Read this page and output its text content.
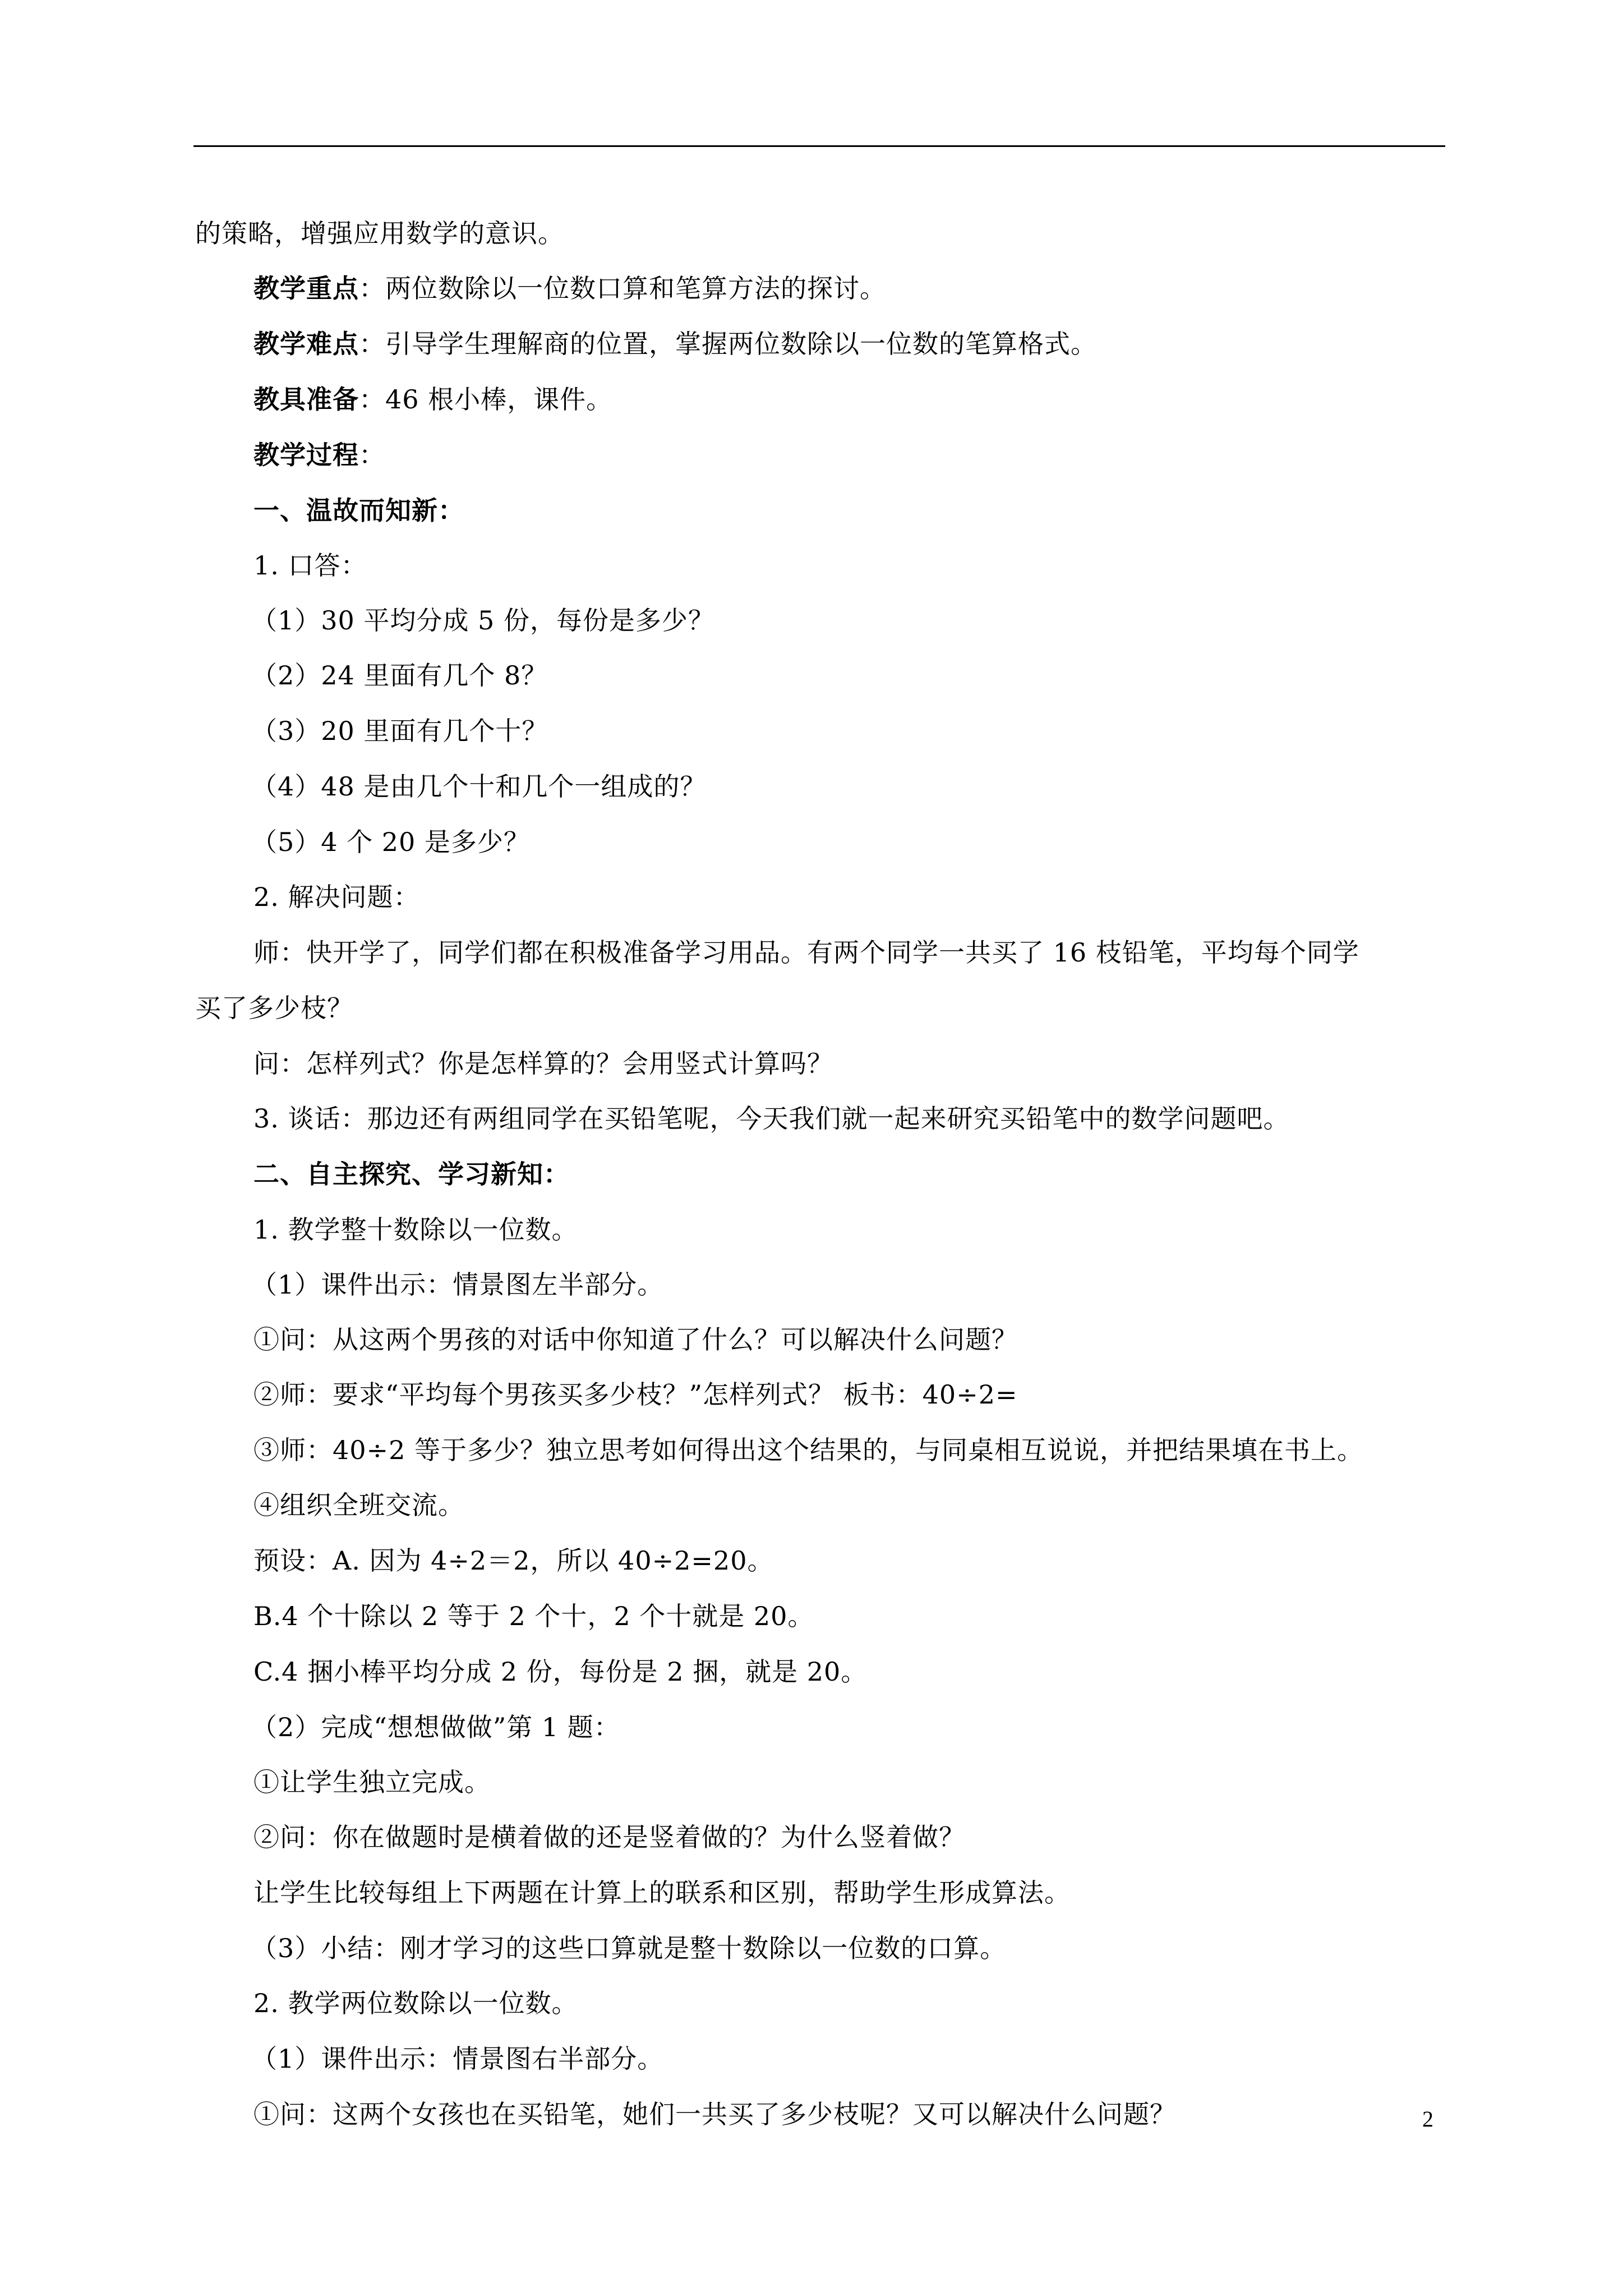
的策略，增强应用数学的意识。
教学重点：两位数除以一位数口算和笔算方法的探讨。
教学难点：引导学生理解商的位置，掌握两位数除以一位数的笔算格式。
教具准备：46 根小棒，课件。
教学过程：
一、温故而知新：
1. 口答：
（1）30 平均分成 5 份，每份是多少？
（2）24 里面有几个 8？
（3）20 里面有几个十？
（4）48 是由几个十和几个一组成的？
（5）4 个 20 是多少？
2. 解决问题：
师：快开学了，同学们都在积极准备学习用品。有两个同学一共买了 16 枝铅笔，平均每个同学
买了多少枝？
问：怎样列式？你是怎样算的？会用竖式计算吗？
3. 谈话：那边还有两组同学在买铅笔呢，今天我们就一起来研究买铅笔中的数学问题吧。
二、自主探究、学习新知：
1. 教学整十数除以一位数。
（1）课件出示：情景图左半部分。
①问：从这两个男孩的对话中你知道了什么？可以解决什么问题？
②师：要求“平均每个男孩买多少枝？”怎样列式？ 板书：40÷2=
③师：40÷2 等于多少？独立思考如何得出这个结果的，与同桌相互说说，并把结果填在书上。
④组织全班交流。
预设：A. 因为 4÷2＝2，所以 40÷2=20。
B.4 个十除以 2 等于 2 个十，2 个十就是 20。
C.4 捆小棒平均分成 2 份，每份是 2 捆，就是 20。
（2）完成“想想做做”第 1 题：
①让学生独立完成。
②问：你在做题时是横着做的还是竖着做的？为什么竖着做？
让学生比较每组上下两题在计算上的联系和区别，帮助学生形成算法。
（3）小结：刚才学习的这些口算就是整十数除以一位数的口算。
2. 教学两位数除以一位数。
（1）课件出示：情景图右半部分。
①问：这两个女孩也在买铅笔，她们一共买了多少枝呢？又可以解决什么问题？	2
